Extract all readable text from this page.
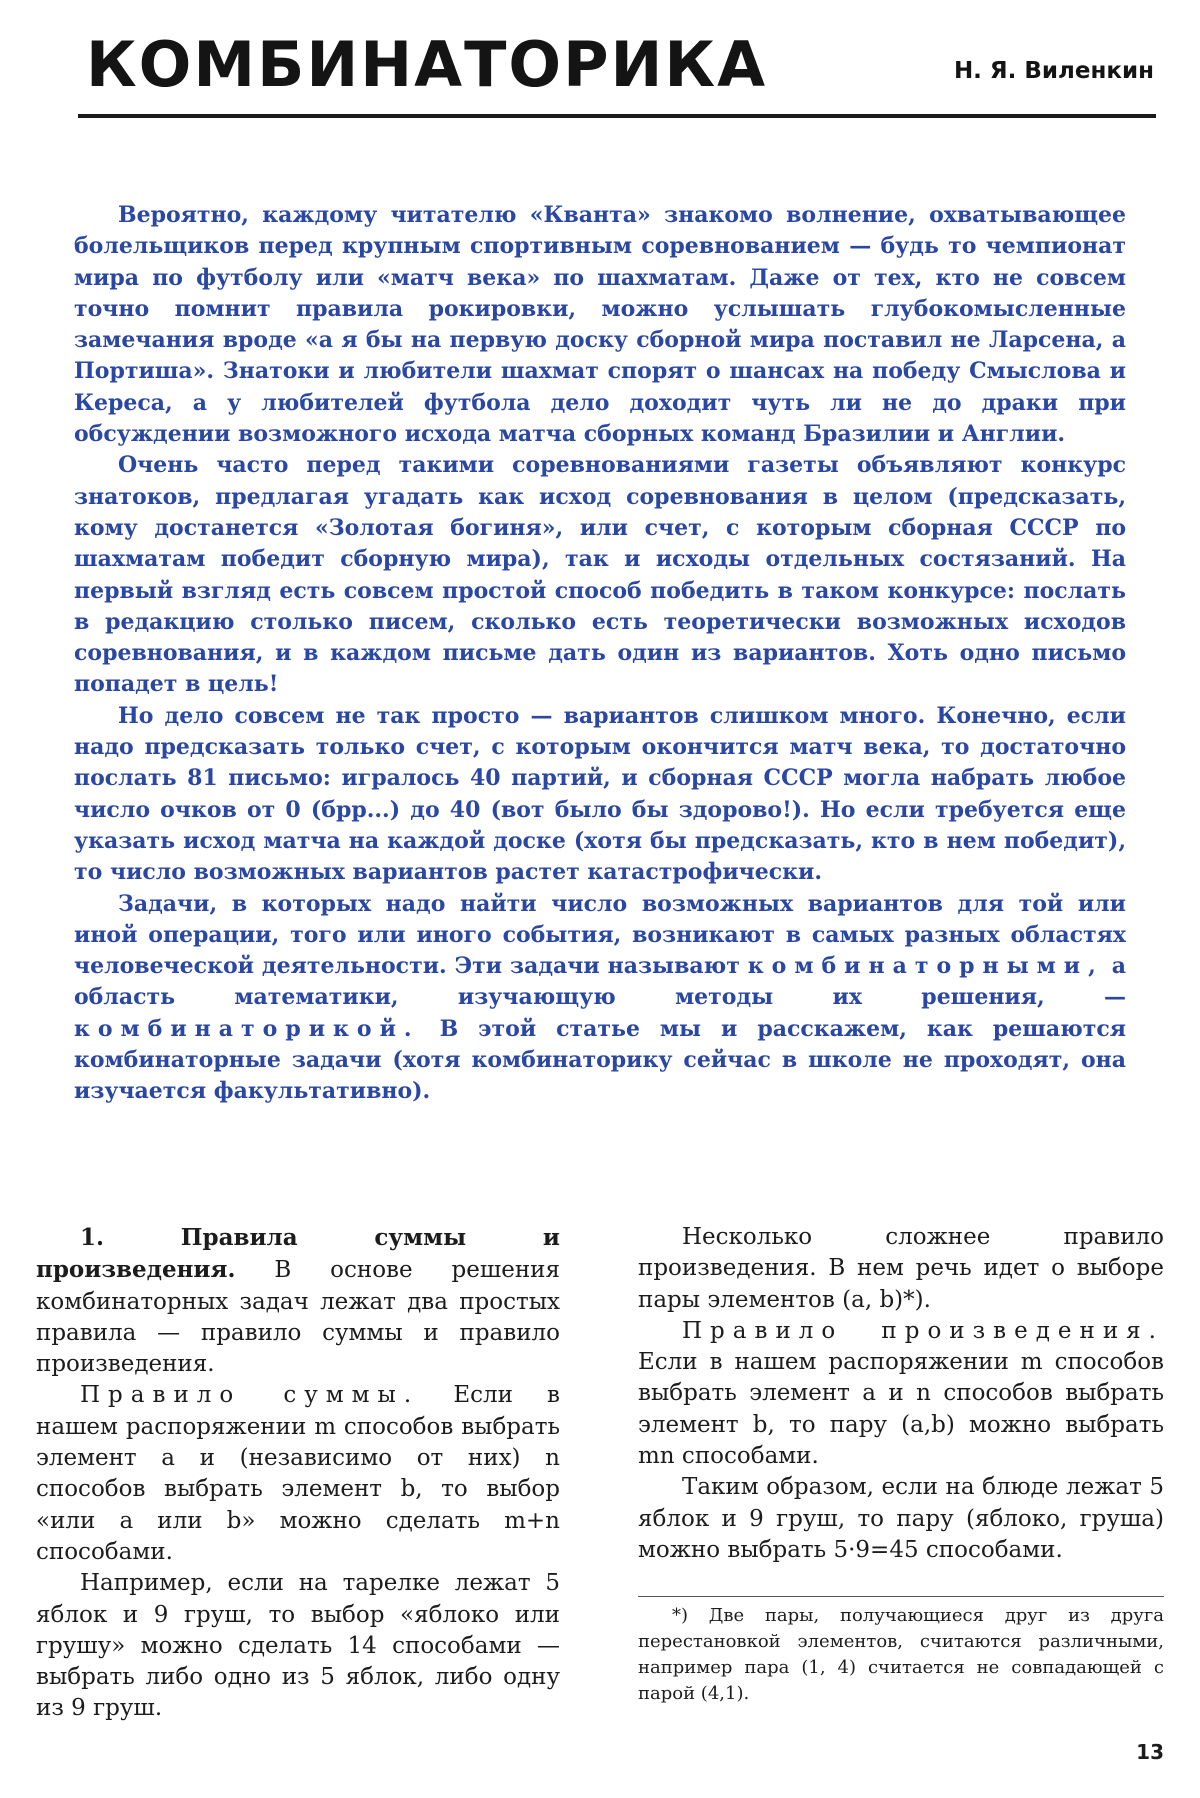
КОМБИНАТОРИКА	Н. Я. Виленкин

Вероятно, каждому читателю «Кванта» знакомо волнение, охватывающее болельщиков перед крупным спортивным соревнованием — будь то чемпионат мира по футболу или «матч века» по шахматам. Даже от тех, кто не совсем точно помнит правила рокировки, можно услышать глубокомысленные замечания вроде «а я бы на первую доску сборной мира поставил не Ларсена, а Портиша». Знатоки и любители шахмат спорят о шансах на победу Смыслова и Кереса, а у любителей футбола дело доходит чуть ли не до драки при обсуждении возможного исхода матча сборных команд Бразилии и Англии.

Очень часто перед такими соревнованиями газеты объявляют конкурс знатоков, предлагая угадать как исход соревнования в целом (предсказать, кому достанется «Золотая богиня», или счет, с которым сборная СССР по шахматам победит сборную мира), так и исходы отдельных состязаний. На первый взгляд есть совсем простой способ победить в таком конкурсе: послать в редакцию столько писем, сколько есть теоретически возможных исходов соревнования, и в каждом письме дать один из вариантов. Хоть одно письмо попадет в цель!

Но дело совсем не так просто — вариантов слишком много. Конечно, если надо предсказать только счет, с которым окончится матч века, то достаточно послать 81 письмо: игралось 40 партий, и сборная СССР могла набрать любое число очков от 0 (брр...) до 40 (вот было бы здорово!). Но если требуется еще указать исход матча на каждой доске (хотя бы предсказать, кто в нем победит), то число возможных вариантов растет катастрофически.

Задачи, в которых надо найти число возможных вариантов для той или иной операции, того или иного события, возникают в самых разных областях человеческой деятельности. Эти задачи называют комбинаторными, а область математики, изучающую методы их решения, — комбинаторикой. В этой статье мы и расскажем, как решаются комбинаторные задачи (хотя комбинаторику сейчас в школе не проходят, она изучается факультативно).

1. Правила суммы и произведения. В основе решения комбинаторных задач лежат два простых правила — правило суммы и правило произведения.

Правило суммы. Если в нашем распоряжении m способов выбрать элемент a и (независимо от них) n способов выбрать элемент b, то выбор «или a или b» можно сделать m+n способами.

Например, если на тарелке лежат 5 яблок и 9 груш, то выбор «яблоко или грушу» можно сделать 14 способами — выбрать либо одно из 5 яблок, либо одну из 9 груш.

Несколько сложнее правило произведения. В нем речь идет о выборе пары элементов (a, b)*).

Правило произведения. Если в нашем распоряжении m способов выбрать элемент a и n способов выбрать элемент b, то пару (a,b) можно выбрать mn способами.

Таким образом, если на блюде лежат 5 яблок и 9 груш, то пару (яблоко, груша) можно выбрать 5·9=45 способами.

*) Две пары, получающиеся друг из друга перестановкой элементов, считаются различными, например пара (1, 4) считается не совпадающей с парой (4,1).

13
